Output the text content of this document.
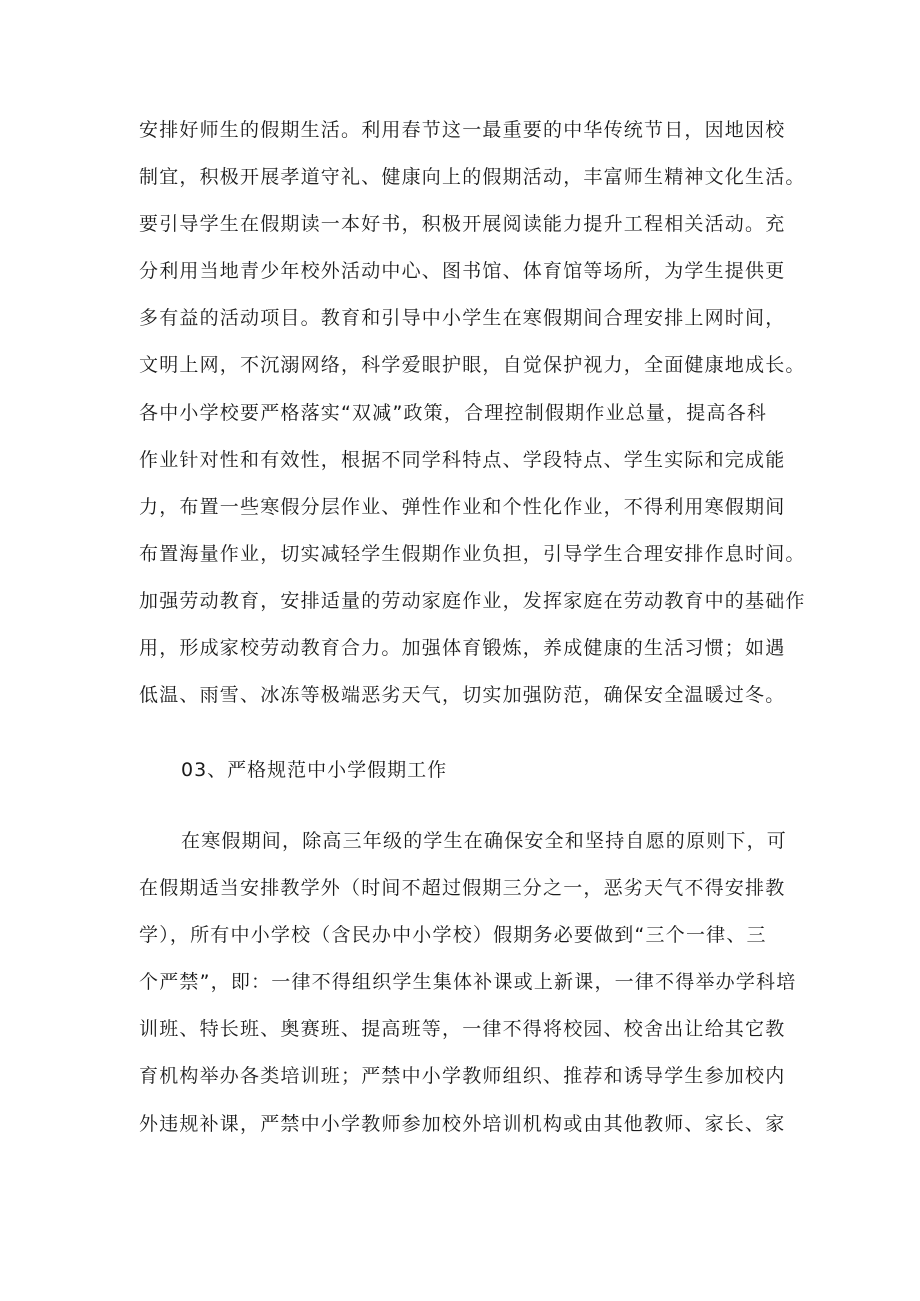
安排好师生的假期生活。利用春节这一最重要的中华传统节日，因地因校
制宜，积极开展孝道守礼、健康向上的假期活动，丰富师生精神文化生活。
要引导学生在假期读一本好书，积极开展阅读能力提升工程相关活动。充
分利用当地青少年校外活动中心、图书馆、体育馆等场所，为学生提供更
多有益的活动项目。教育和引导中小学生在寒假期间合理安排上网时间，
文明上网，不沉溺网络，科学爱眼护眼，自觉保护视力，全面健康地成长。
各中小学校要严格落实“双减”政策，合理控制假期作业总量，提高各科
作业针对性和有效性，根据不同学科特点、学段特点、学生实际和完成能
力，布置一些寒假分层作业、弹性作业和个性化作业，不得利用寒假期间
布置海量作业，切实减轻学生假期作业负担，引导学生合理安排作息时间。
加强劳动教育，安排适量的劳动家庭作业，发挥家庭在劳动教育中的基础作
用，形成家校劳动教育合力。加强体育锻炼，养成健康的生活习惯；如遇
低温、雨雪、冰冻等极端恶劣天气，切实加强防范，确保安全温暖过冬。
03、严格规范中小学假期工作
在寒假期间，除高三年级的学生在确保安全和坚持自愿的原则下，可
在假期适当安排教学外（时间不超过假期三分之一，恶劣天气不得安排教
学），所有中小学校（含民办中小学校）假期务必要做到“三个一律、三
个严禁”，即：一律不得组织学生集体补课或上新课，一律不得举办学科培
训班、特长班、奥赛班、提高班等，一律不得将校园、校舍出让给其它教
育机构举办各类培训班；严禁中小学教师组织、推荐和诱导学生参加校内
外违规补课，严禁中小学教师参加校外培训机构或由其他教师、家长、家
